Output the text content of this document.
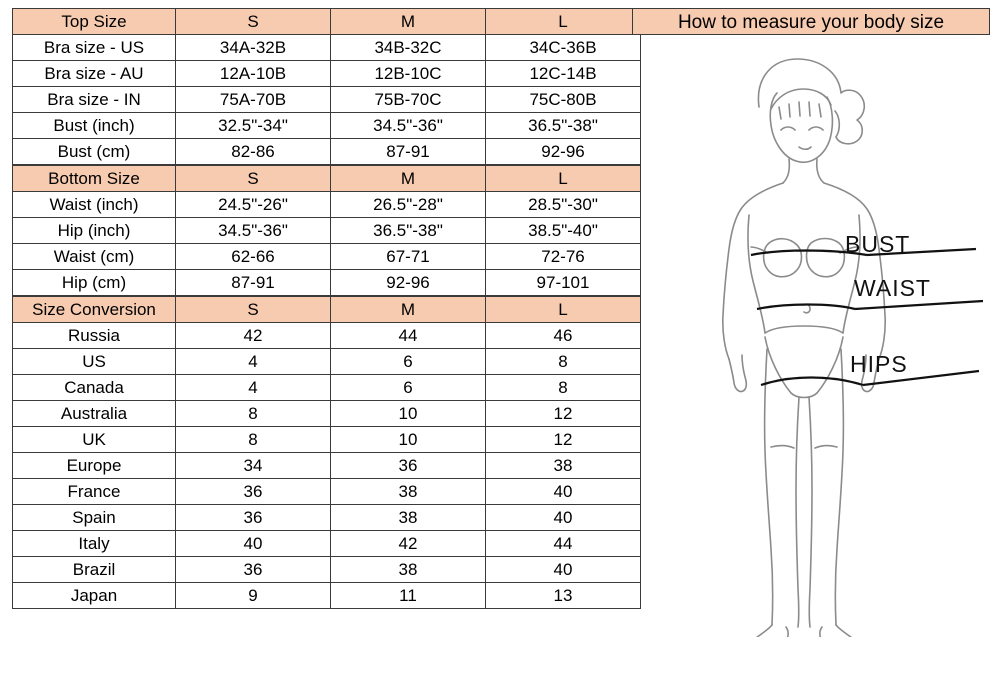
Top Size	S	M	L
Bra size - US	34A-32B	34B-32C	34C-36B
Bra size - AU	12A-10B	12B-10C	12C-14B
Bra size - IN	75A-70B	75B-70C	75C-80B
Bust (inch)	32.5"-34"	34.5"-36"	36.5"-38"
Bust (cm)	82-86	87-91	92-96
Bottom Size	S	M	L
Waist (inch)	24.5"-26"	26.5"-28"	28.5"-30"
Hip (inch)	34.5"-36"	36.5"-38"	38.5"-40"
Waist (cm)	62-66	67-71	72-76
Hip (cm)	87-91	92-96	97-101
Size Conversion	S	M	L
Russia	42	44	46
US	4	6	8
Canada	4	6	8
Australia	8	10	12
UK	8	10	12
Europe	34	36	38
France	36	38	40
Spain	36	38	40
Italy	40	42	44
Brazil	36	38	40
Japan	9	11	13
How to measure your body size
BUST
WAIST
HIPS
